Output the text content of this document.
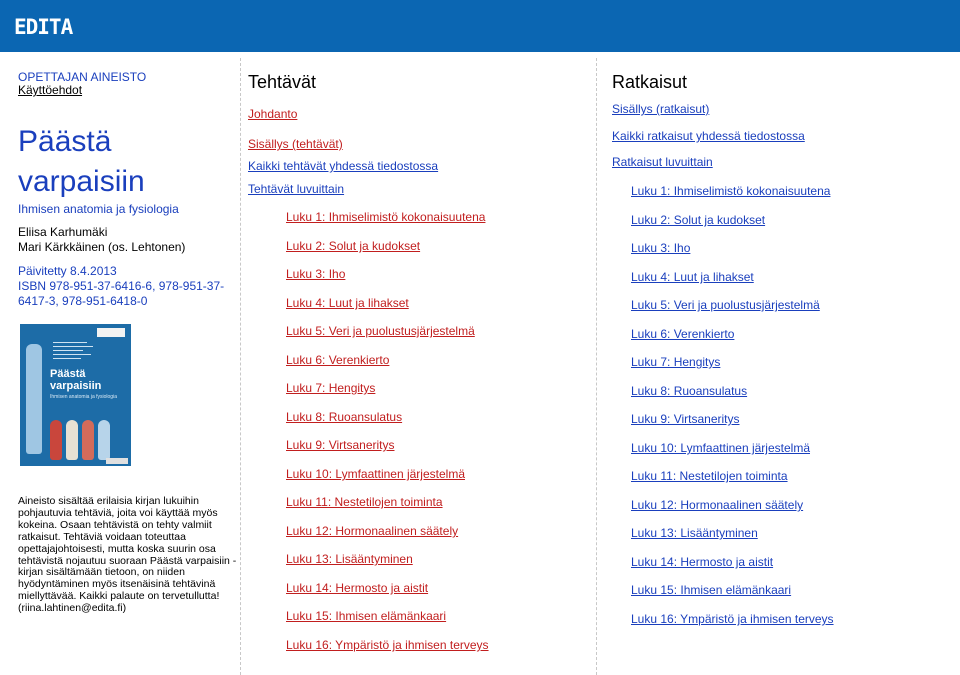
EDITA
OPETTAJAN AINEISTO
Käyttöehdot
Päästä varpaisiin
Ihmisen anatomia ja fysiologia
Eliisa Karhumäki
Mari Kärkkäinen (os. Lehtonen)
Päivitetty 8.4.2013
ISBN 978-951-37-6416-6, 978-951-37-6417-3, 978-951-6418-0
Päästä varpaisiin
Ihmisen anatomia ja fysiologia
Aineisto sisältää erilaisia kirjan lukuihin pohjautuvia tehtäviä, joita voi käyttää myös kokeina. Osaan tehtävistä on tehty valmiit ratkaisut. Tehtäviä voidaan toteuttaa opettajajohtoisesti, mutta koska suurin osa tehtävistä nojautuu suoraan Päästä varpaisiin -kirjan sisältämään tietoon, on niiden hyödyntäminen myös itsenäisinä tehtävinä miellyttävää. Kaikki palaute on tervetullutta! (riina.lahtinen@edita.fi)
Tehtävät
Johdanto
Sisällys (tehtävät)
Kaikki tehtävät yhdessä tiedostossa
Tehtävät luvuittain
Luku 1: Ihmiselimistö kokonaisuutena
Luku 2: Solut ja kudokset
Luku 3: Iho
Luku 4: Luut ja lihakset
Luku 5: Veri ja puolustusjärjestelmä
Luku 6: Verenkierto
Luku 7: Hengitys
Luku 8: Ruoansulatus
Luku 9: Virtsaneritys
Luku 10: Lymfaattinen järjestelmä
Luku 11: Nestetilojen toiminta
Luku 12: Hormonaalinen säätely
Luku 13: Lisääntyminen
Luku 14: Hermosto ja aistit
Luku 15: Ihmisen elämänkaari
Luku 16: Ympäristö ja ihmisen terveys
Ratkaisut
Sisällys (ratkaisut)
Kaikki ratkaisut yhdessä tiedostossa
Ratkaisut luvuittain
Luku 1: Ihmiselimistö kokonaisuutena
Luku 2: Solut ja kudokset
Luku 3: Iho
Luku 4: Luut ja lihakset
Luku 5: Veri ja puolustusjärjestelmä
Luku 6: Verenkierto
Luku 7: Hengitys
Luku 8: Ruoansulatus
Luku 9: Virtsaneritys
Luku 10: Lymfaattinen järjestelmä
Luku 11: Nestetilojen toiminta
Luku 12: Hormonaalinen säätely
Luku 13: Lisääntyminen
Luku 14: Hermosto ja aistit
Luku 15: Ihmisen elämänkaari
Luku 16: Ympäristö ja ihmisen terveys
